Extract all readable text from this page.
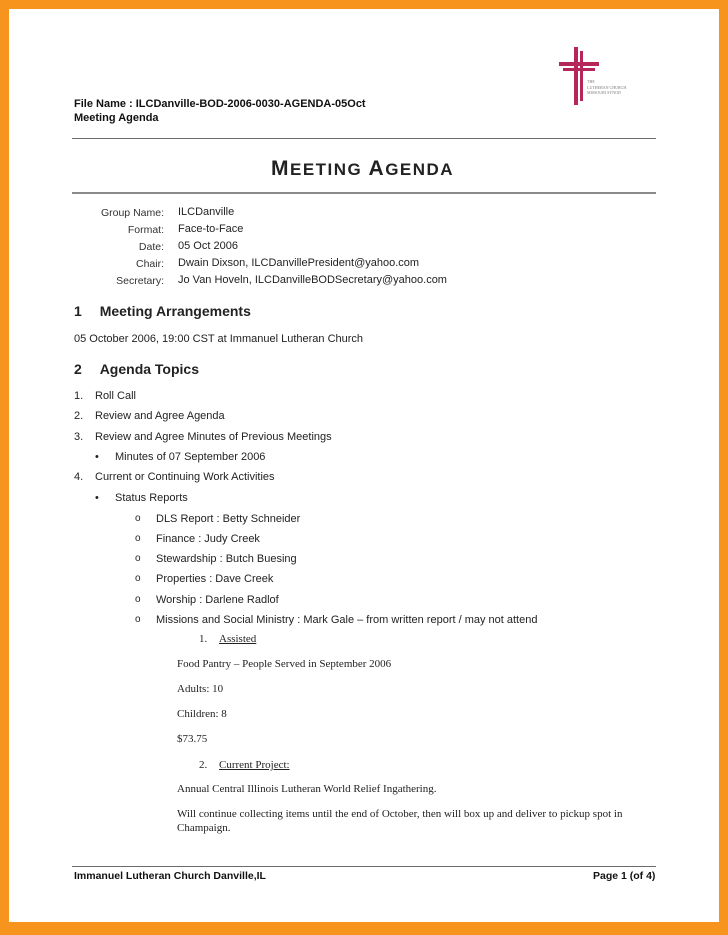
THE
LUTHERAN CHURCH
MISSOURI SYNOD
File Name : ILCDanville-BOD-2006-0030-AGENDA-05Oct
Meeting Agenda
MEETING AGENDA
Group Name: ILCDanville
Format: Face-to-Face
Date: 05 Oct 2006
Chair: Dwain Dixson, ILCDanvillePresident@yahoo.com
Secretary: Jo Van Hoveln, ILCDanvilleBODSecretary@yahoo.com
1 Meeting Arrangements
05 October 2006, 19:00 CST at Immanuel Lutheran Church
2 Agenda Topics
1. Roll Call
2. Review and Agree Agenda
3. Review and Agree Minutes of Previous Meetings
• Minutes of 07 September 2006
4. Current or Continuing Work Activities
• Status Reports
o DLS Report : Betty Schneider
o Finance : Judy Creek
o Stewardship : Butch Buesing
o Properties : Dave Creek
o Worship : Darlene Radlof
o Missions and Social Ministry : Mark Gale – from written report / may not attend
1. Assisted
Food Pantry – People Served in September 2006
Adults: 10
Children: 8
$73.75
2. Current Project:
Annual Central Illinois Lutheran World Relief Ingathering.
Will continue collecting items until the end of October, then will box up and deliver to pickup spot in
Champaign.
Immanuel Lutheran Church Danville,IL	Page 1 (of 4)
